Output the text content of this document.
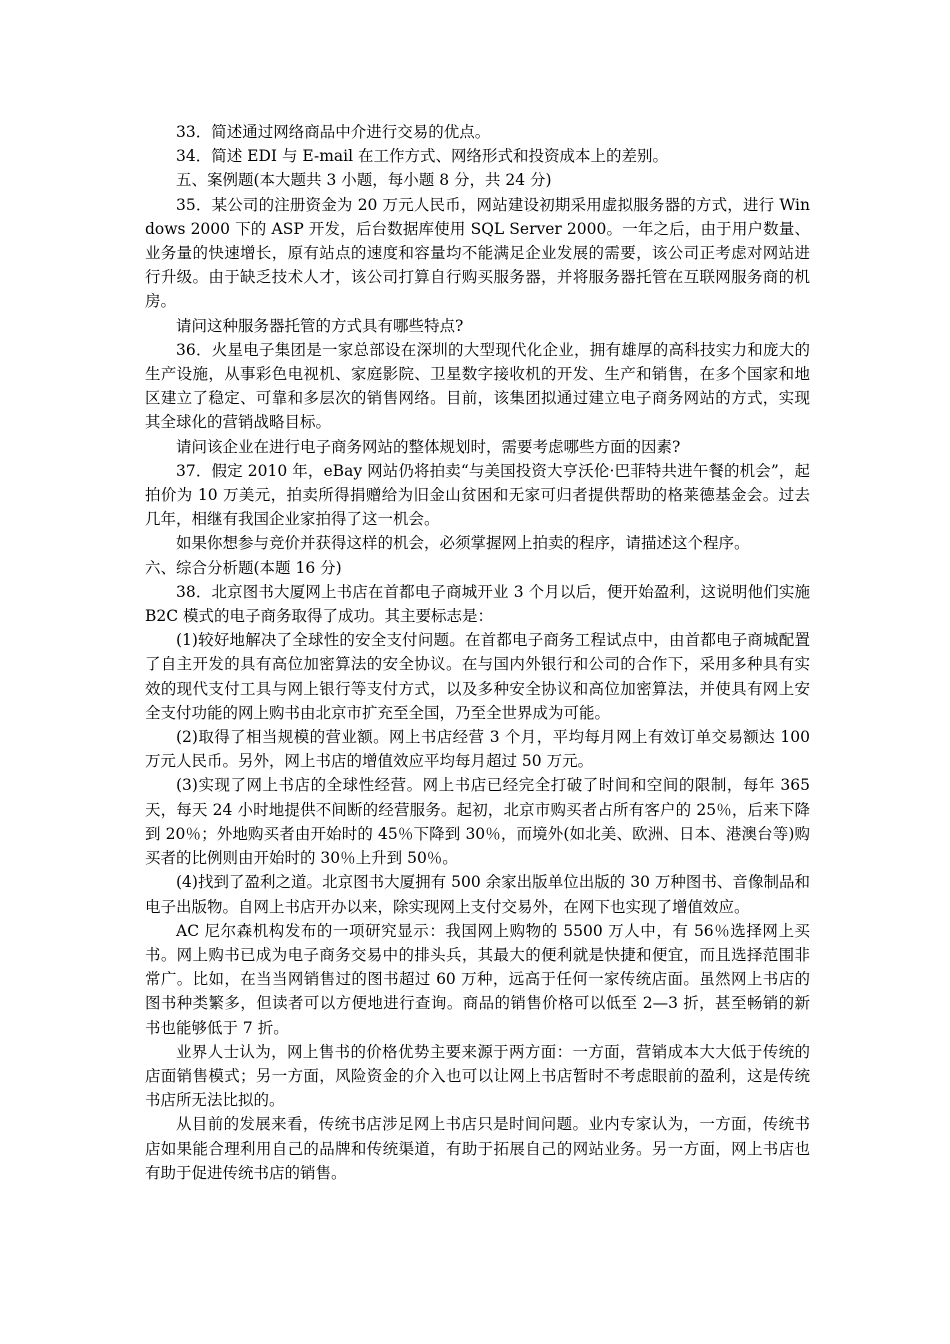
33．简述通过网络商品中介进行交易的优点。

34．简述 EDI 与 E-mail 在工作方式、网络形式和投资成本上的差别。

五、案例题(本大题共 3 小题，每小题 8 分，共 24 分)

35．某公司的注册资金为 20 万元人民币，网站建设初期采用虚拟服务器的方式，进行 Windows 2000 下的 ASP 开发，后台数据库使用 SQL Server 2000。一年之后，由于用户数量、业务量的快速增长，原有站点的速度和容量均不能满足企业发展的需要，该公司正考虑对网站进行升级。由于缺乏技术人才，该公司打算自行购买服务器，并将服务器托管在互联网服务商的机房。

请问这种服务器托管的方式具有哪些特点?

36．火星电子集团是一家总部设在深圳的大型现代化企业，拥有雄厚的高科技实力和庞大的生产设施，从事彩色电视机、家庭影院、卫星数字接收机的开发、生产和销售，在多个国家和地区建立了稳定、可靠和多层次的销售网络。目前，该集团拟通过建立电子商务网站的方式，实现其全球化的营销战略目标。

请问该企业在进行电子商务网站的整体规划时，需要考虑哪些方面的因素?

37．假定 2010 年，eBay 网站仍将拍卖“与美国投资大亨沃伦·巴菲特共进午餐的机会”，起拍价为 10 万美元，拍卖所得捐赠给为旧金山贫困和无家可归者提供帮助的格莱德基金会。过去几年，相继有我国企业家拍得了这一机会。

如果你想参与竞价并获得这样的机会，必须掌握网上拍卖的程序，请描述这个程序。

六、综合分析题(本题 16 分)

38．北京图书大厦网上书店在首都电子商城开业 3 个月以后，便开始盈利，这说明他们实施 B2C 模式的电子商务取得了成功。其主要标志是：

(1)较好地解决了全球性的安全支付问题。在首都电子商务工程试点中，由首都电子商城配置了自主开发的具有高位加密算法的安全协议。在与国内外银行和公司的合作下，采用多种具有实效的现代支付工具与网上银行等支付方式，以及多种安全协议和高位加密算法，并使具有网上安全支付功能的网上购书由北京市扩充至全国，乃至全世界成为可能。

(2)取得了相当规模的营业额。网上书店经营 3 个月，平均每月网上有效订单交易额达 100 万元人民币。另外，网上书店的增值效应平均每月超过 50 万元。

(3)实现了网上书店的全球性经营。网上书店已经完全打破了时间和空间的限制，每年 365 天，每天 24 小时地提供不间断的经营服务。起初，北京市购买者占所有客户的 25％，后来下降到 20％；外地购买者由开始时的 45％下降到 30％，而境外(如北美、欧洲、日本、港澳台等)购买者的比例则由开始时的 30％上升到 50％。

(4)找到了盈利之道。北京图书大厦拥有 500 余家出版单位出版的 30 万种图书、音像制品和电子出版物。自网上书店开办以来，除实现网上支付交易外，在网下也实现了增值效应。

AC 尼尔森机构发布的一项研究显示：我国网上购物的 5500 万人中，有 56％选择网上买书。网上购书已成为电子商务交易中的排头兵，其最大的便利就是快捷和便宜，而且选择范围非常广。比如，在当当网销售过的图书超过 60 万种，远高于任何一家传统店面。虽然网上书店的图书种类繁多，但读者可以方便地进行查询。商品的销售价格可以低至 2—3 折，甚至畅销的新书也能够低于 7 折。

业界人士认为，网上售书的价格优势主要来源于两方面：一方面，营销成本大大低于传统的店面销售模式；另一方面，风险资金的介入也可以让网上书店暂时不考虑眼前的盈利，这是传统书店所无法比拟的。

从目前的发展来看，传统书店涉足网上书店只是时间问题。业内专家认为，一方面，传统书店如果能合理利用自己的品牌和传统渠道，有助于拓展自己的网站业务。另一方面，网上书店也有助于促进传统书店的销售。
